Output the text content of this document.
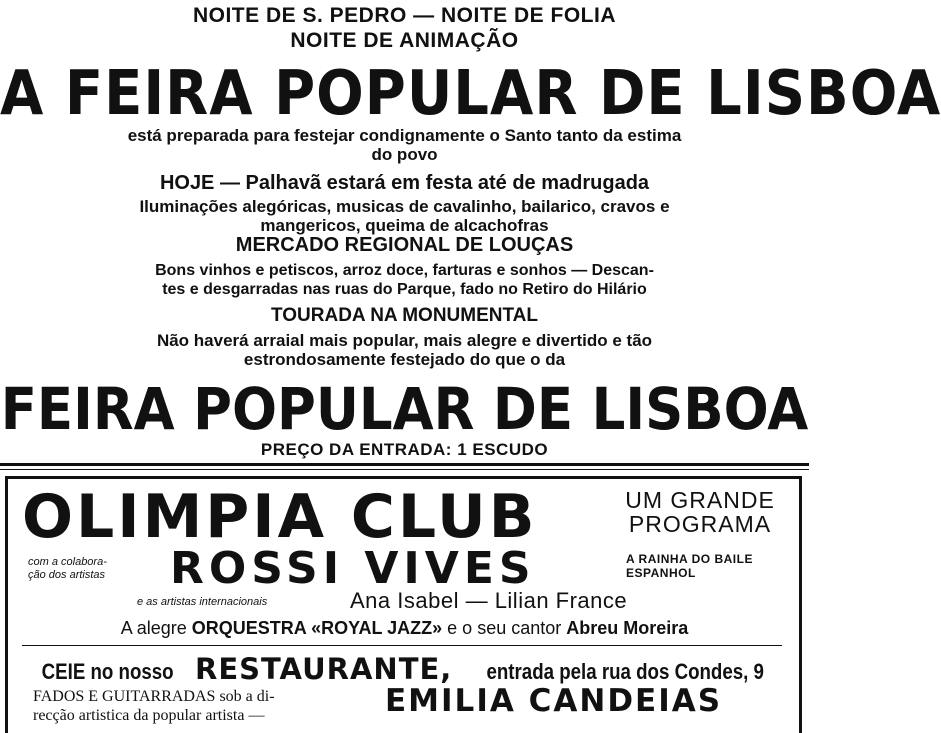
NOITE DE S. PEDRO — NOITE DE FOLIA
NOITE DE ANIMAÇÃO
A FEIRA POPULAR DE LISBOA
está preparada para festejar condignamente o Santo tanto da estima
do povo
HOJE — Palhavã estará em festa até de madrugada
Iluminações alegóricas, musicas de cavalinho, bailarico, cravos e
mangericos, queima de alcachofras
MERCADO REGIONAL DE LOUÇAS
Bons vinhos e petiscos, arroz doce, farturas e sonhos — Descan-
tes e desgarradas nas ruas do Parque, fado no Retiro do Hilário
TOURADA NA MONUMENTAL
Não haverá arraial mais popular, mais alegre e divertido e tão
estrondosamente festejado do que o da
FEIRA POPULAR DE LISBOA
PREÇO DA ENTRADA: 1 ESCUDO
OLIMPIA CLUB	UM GRANDE
PROGRAMA
com a colabora-
ção dos artistas ROSSI VIVES	A RAINHA DO BAILE
ESPANHOL
e as artistas internacionais	Ana Isabel — Lilian France
A alegre ORQUESTRA «ROYAL JAZZ» e o seu cantor Abreu Moreira
CEIE no nosso RESTAURANTE, entrada pela rua dos Condes, 9
FADOS E GUITARRADAS sob a di-
recção artistica da popular artista —	EMILIA CANDEIAS
